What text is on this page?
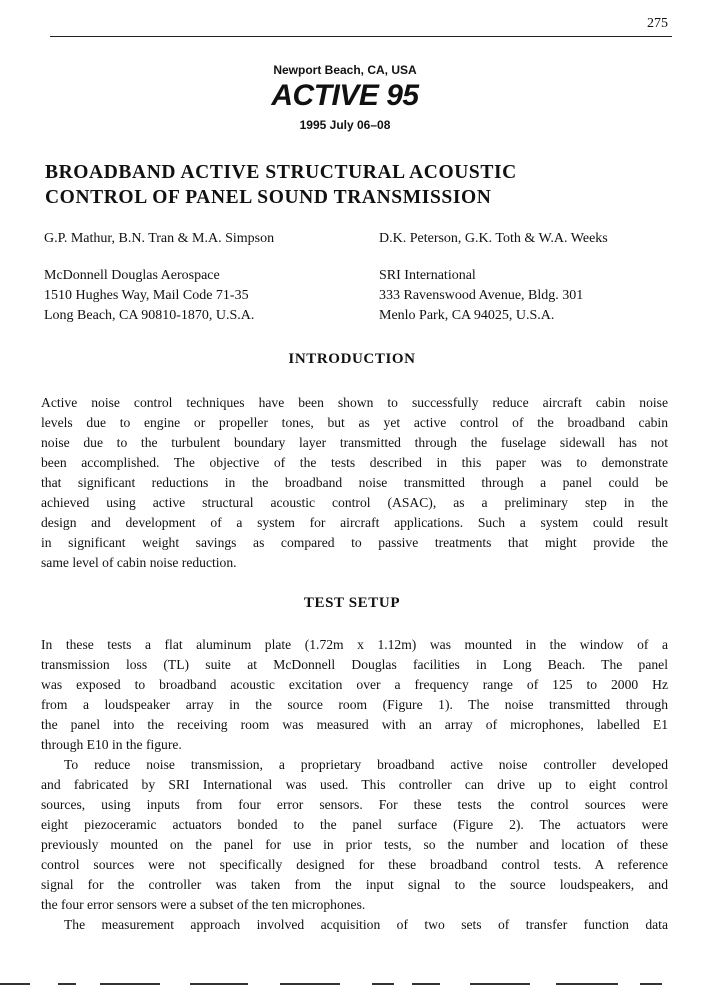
275
Newport Beach, CA, USA
ACTIVE 95
1995 July 06–08
BROADBAND ACTIVE STRUCTURAL ACOUSTIC
CONTROL OF PANEL SOUND TRANSMISSION
G.P. Mathur, B.N. Tran & M.A. Simpson	D.K. Peterson, G.K. Toth & W.A. Weeks
McDonnell Douglas Aerospace
1510 Hughes Way, Mail Code 71-35
Long Beach, CA 90810-1870, U.S.A.
SRI International
333 Ravenswood Avenue, Bldg. 301
Menlo Park, CA 94025, U.S.A.
INTRODUCTION
Active noise control techniques have been shown to successfully reduce aircraft cabin noise
levels due to engine or propeller tones, but as yet active control of the broadband cabin
noise due to the turbulent boundary layer transmitted through the fuselage sidewall has not
been accomplished. The objective of the tests described in this paper was to demonstrate
that significant reductions in the broadband noise transmitted through a panel could be
achieved using active structural acoustic control (ASAC), as a preliminary step in the
design and development of a system for aircraft applications. Such a system could result
in significant weight savings as compared to passive treatments that might provide the
same level of cabin noise reduction.
TEST SETUP
In these tests a flat aluminum plate (1.72m x 1.12m) was mounted in the window of a
transmission loss (TL) suite at McDonnell Douglas facilities in Long Beach. The panel
was exposed to broadband acoustic excitation over a frequency range of 125 to 2000 Hz
from a loudspeaker array in the source room (Figure 1). The noise transmitted through
the panel into the receiving room was measured with an array of microphones, labelled E1
through E10 in the figure.
To reduce noise transmission, a proprietary broadband active noise controller developed
and fabricated by SRI International was used. This controller can drive up to eight control
sources, using inputs from four error sensors. For these tests the control sources were
eight piezoceramic actuators bonded to the panel surface (Figure 2). The actuators were
previously mounted on the panel for use in prior tests, so the number and location of these
control sources were not specifically designed for these broadband control tests. A reference
signal for the controller was taken from the input signal to the source loudspeakers, and
the four error sensors were a subset of the ten microphones.
The measurement approach involved acquisition of two sets of transfer function data
